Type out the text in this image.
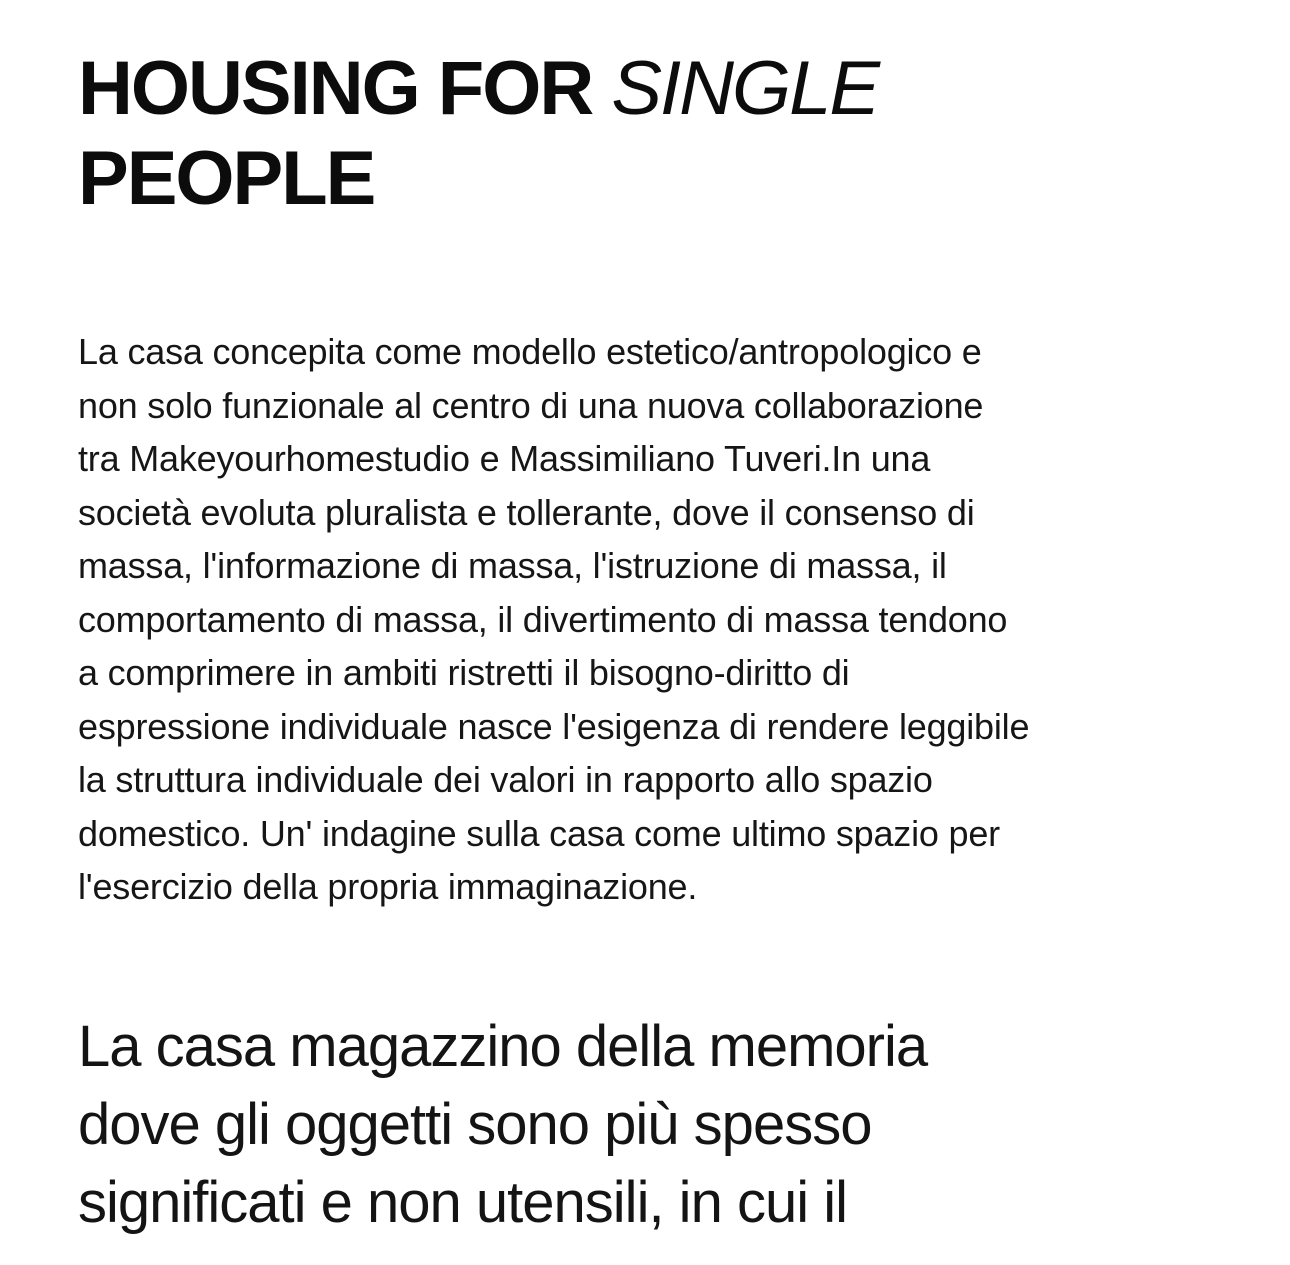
HOUSING FOR SINGLE
PEOPLE

La casa concepita come modello estetico/antropologico e
non solo funzionale al centro di una nuova collaborazione
tra Makeyourhomestudio e Massimiliano Tuveri.In una
società evoluta pluralista e tollerante, dove il consenso di
massa, l'informazione di massa, l'istruzione di massa, il
comportamento di massa, il divertimento di massa tendono
a comprimere in ambiti ristretti il bisogno-diritto di
espressione individuale nasce l'esigenza di rendere leggibile
la struttura individuale dei valori in rapporto allo spazio
domestico. Un' indagine sulla casa come ultimo spazio per
l'esercizio della propria immaginazione.

La casa magazzino della memoria
dove gli oggetti sono più spesso
significati e non utensili, in cui il
